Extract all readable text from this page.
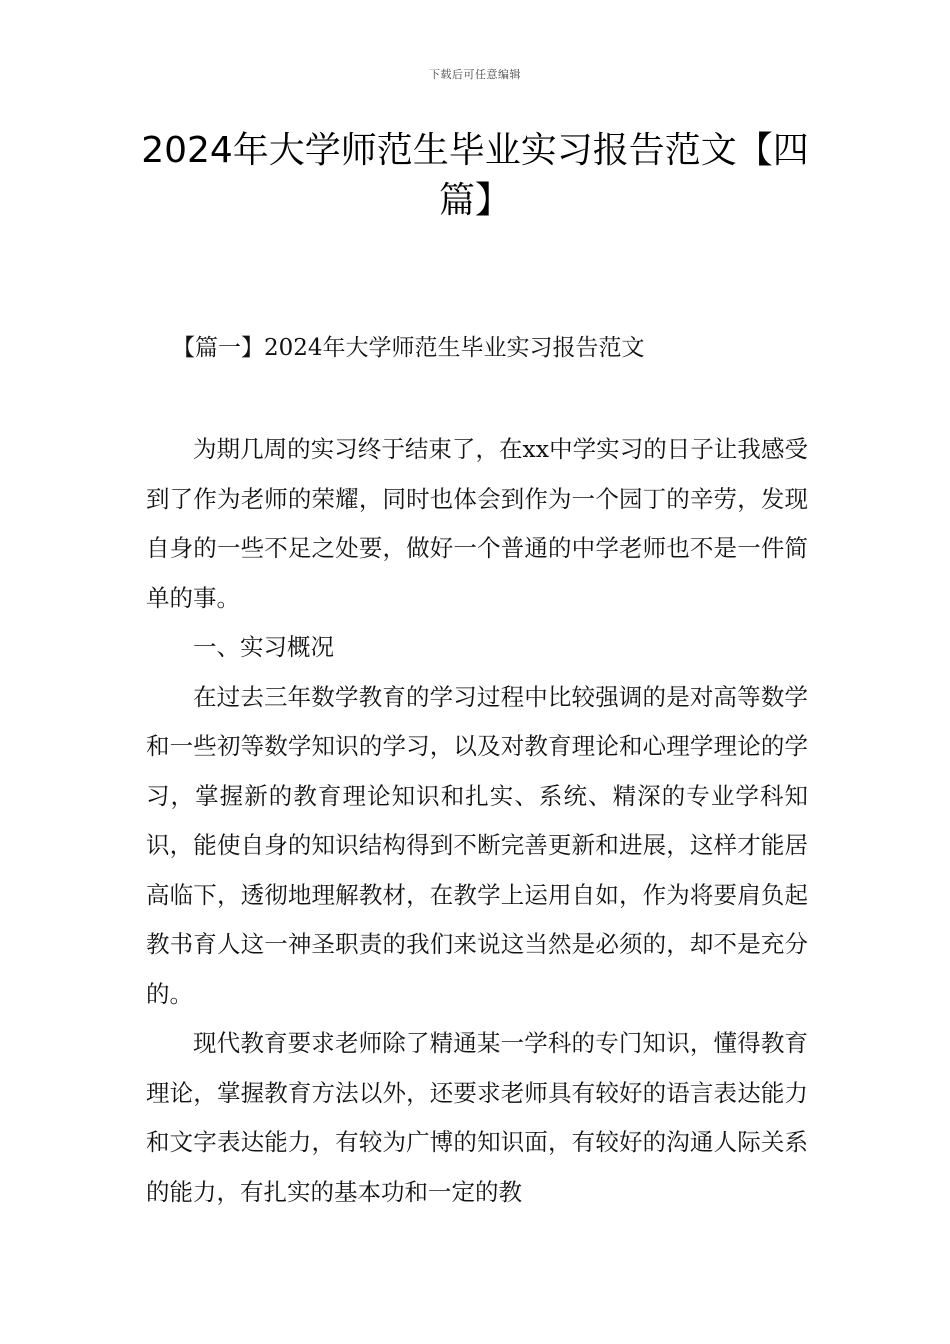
下载后可任意编辑
2024年大学师范生毕业实习报告范文【四篇】
【篇一】2024年大学师范生毕业实习报告范文

为期几周的实习终于结束了，在xx中学实习的日子让我感受到了作为老师的荣耀，同时也体会到作为一个园丁的辛劳，发现自身的一些不足之处要，做好一个普通的中学老师也不是一件简单的事。

一、实习概况

在过去三年数学教育的学习过程中比较强调的是对高等数学和一些初等数学知识的学习，以及对教育理论和心理学理论的学习，掌握新的教育理论知识和扎实、系统、精深的专业学科知识，能使自身的知识结构得到不断完善更新和进展，这样才能居高临下，透彻地理解教材，在教学上运用自如，作为将要肩负起教书育人这一神圣职责的我们来说这当然是必须的，却不是充分的。

现代教育要求老师除了精通某一学科的专门知识，懂得教育理论，掌握教育方法以外，还要求老师具有较好的语言表达能力和文字表达能力，有较为广博的知识面，有较好的沟通人际关系的能力，有扎实的基本功和一定的教
